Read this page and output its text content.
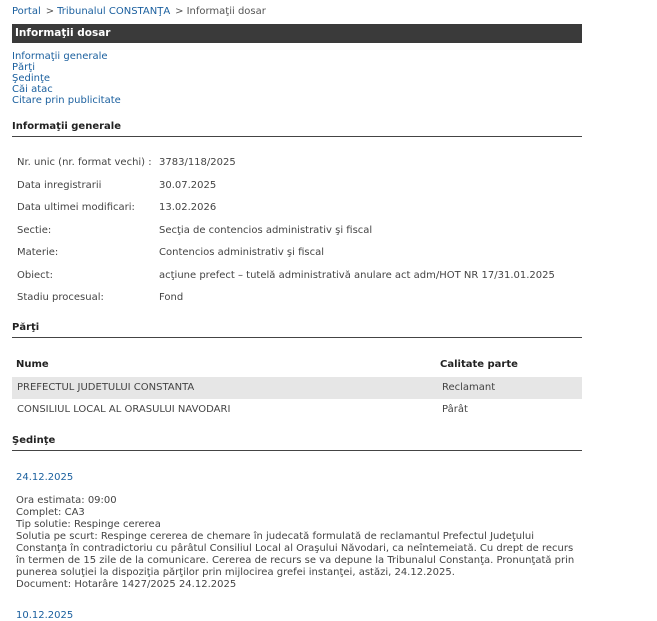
Portal > Tribunalul CONSTANŢA > Informaţii dosar
Informaţii dosar
Informaţii generale
Părţi
Şedinţe
Căi atac
Citare prin publicitate
Informaţii generale
Nr. unic (nr. format vechi) : 3783/118/2025
Data inregistrarii	30.07.2025
Data ultimei modificari: 13.02.2026
Sectie:	Secţia de contencios administrativ şi fiscal
Materie:	Contencios administrativ şi fiscal
Obiect:	acţiune prefect – tutelă administrativă anulare act adm/HOT NR 17/31.01.2025
Stadiu procesual:	Fond
Părţi
Nume	Calitate parte
PREFECTUL JUDETULUI CONSTANTA	Reclamant
CONSILIUL LOCAL AL ORASULUI NAVODARI	Pârât
Şedinţe
24.12.2025
Ora estimata: 09:00
Complet: CA3
Tip solutie: Respinge cererea
Solutia pe scurt: Respinge cererea de chemare în judecată formulată de reclamantul Prefectul Judeţului Constanţa în contradictoriu cu pârâtul Consiliul Local al Oraşului Năvodari, ca neîntemeiată. Cu drept de recurs în termen de 15 zile de la comunicare. Cererea de recurs se va depune la Tribunalul Constanţa. Pronunţată prin punerea soluţiei la dispoziţia părţilor prin mijlocirea grefei instanţei, astăzi, 24.12.2025.
Document: Hotarâre 1427/2025 24.12.2025
10.12.2025
